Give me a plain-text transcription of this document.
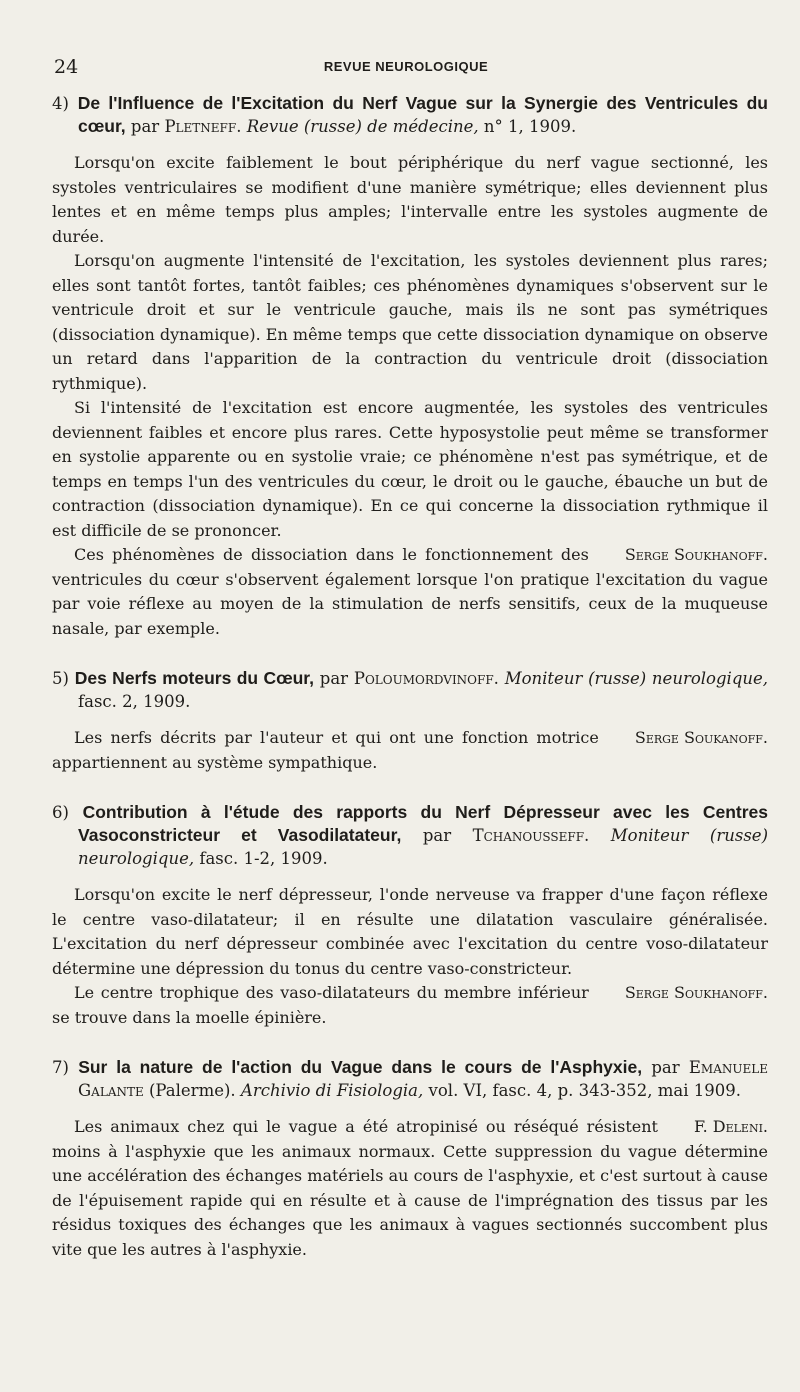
24	REVUE NEUROLOGIQUE
4) De l'Influence de l'Excitation du Nerf Vague sur la Synergie des Ventricules du cœur, par Pletneff. Revue (russe) de médecine, n° 1, 1909.

Lorsqu'on excite faiblement le bout périphérique du nerf vague sectionné, les systoles ventriculaires se modifient d'une manière symétrique; elles deviennent plus lentes et en même temps plus amples; l'intervalle entre les systoles augmente de durée.

Lorsqu'on augmente l'intensité de l'excitation, les systoles deviennent plus rares; elles sont tantôt fortes, tantôt faibles; ces phénomènes dynamiques s'observent sur le ventricule droit et sur le ventricule gauche, mais ils ne sont pas symétriques (dissociation dynamique). En même temps que cette dissociation dynamique on observe un retard dans l'apparition de la contraction du ventricule droit (dissociation rythmique).

Si l'intensité de l'excitation est encore augmentée, les systoles des ventricules deviennent faibles et encore plus rares. Cette hyposystolie peut même se transformer en systolie apparente ou en systolie vraie; ce phénomène n'est pas symétrique, et de temps en temps l'un des ventricules du cœur, le droit ou le gauche, ébauche un but de contraction (dissociation dynamique). En ce qui concerne la dissociation rythmique il est difficile de se prononcer.

Serge Soukhanoff.
Ces phénomènes de dissociation dans le fonctionnement des ventricules du cœur s'observent également lorsque l'on pratique l'excitation du vague par voie réflexe au moyen de la stimulation de nerfs sensitifs, ceux de la muqueuse nasale, par exemple.

5) Des Nerfs moteurs du Cœur, par Poloumordvinoff. Moniteur (russe) neurologique, fasc. 2, 1909.

Serge Soukanoff.
Les nerfs décrits par l'auteur et qui ont une fonction motrice appartiennent au système sympathique.

6) Contribution à l'étude des rapports du Nerf Dépresseur avec les Centres Vasoconstricteur et Vasodilatateur, par Tchanousseff. Moniteur (russe) neurologique, fasc. 1-2, 1909.

Lorsqu'on excite le nerf dépresseur, l'onde nerveuse va frapper d'une façon réflexe le centre vaso-dilatateur; il en résulte une dilatation vasculaire généralisée. L'excitation du nerf dépresseur combinée avec l'excitation du centre voso-dilatateur détermine une dépression du tonus du centre vaso-constricteur.

Serge Soukhanoff.
Le centre trophique des vaso-dilatateurs du membre inférieur se trouve dans la moelle épinière.

7) Sur la nature de l'action du Vague dans le cours de l'Asphyxie, par Emanuele Galante (Palerme). Archivio di Fisiologia, vol. VI, fasc. 4, p. 343-352, mai 1909.

F. Deleni.
Les animaux chez qui le vague a été atropinisé ou réséqué résistent moins à l'asphyxie que les animaux normaux. Cette suppression du vague détermine une accélération des échanges matériels au cours de l'asphyxie, et c'est surtout à cause de l'épuisement rapide qui en résulte et à cause de l'imprégnation des tissus par les résidus toxiques des échanges que les animaux à vagues sectionnés succombent plus vite que les autres à l'asphyxie.
